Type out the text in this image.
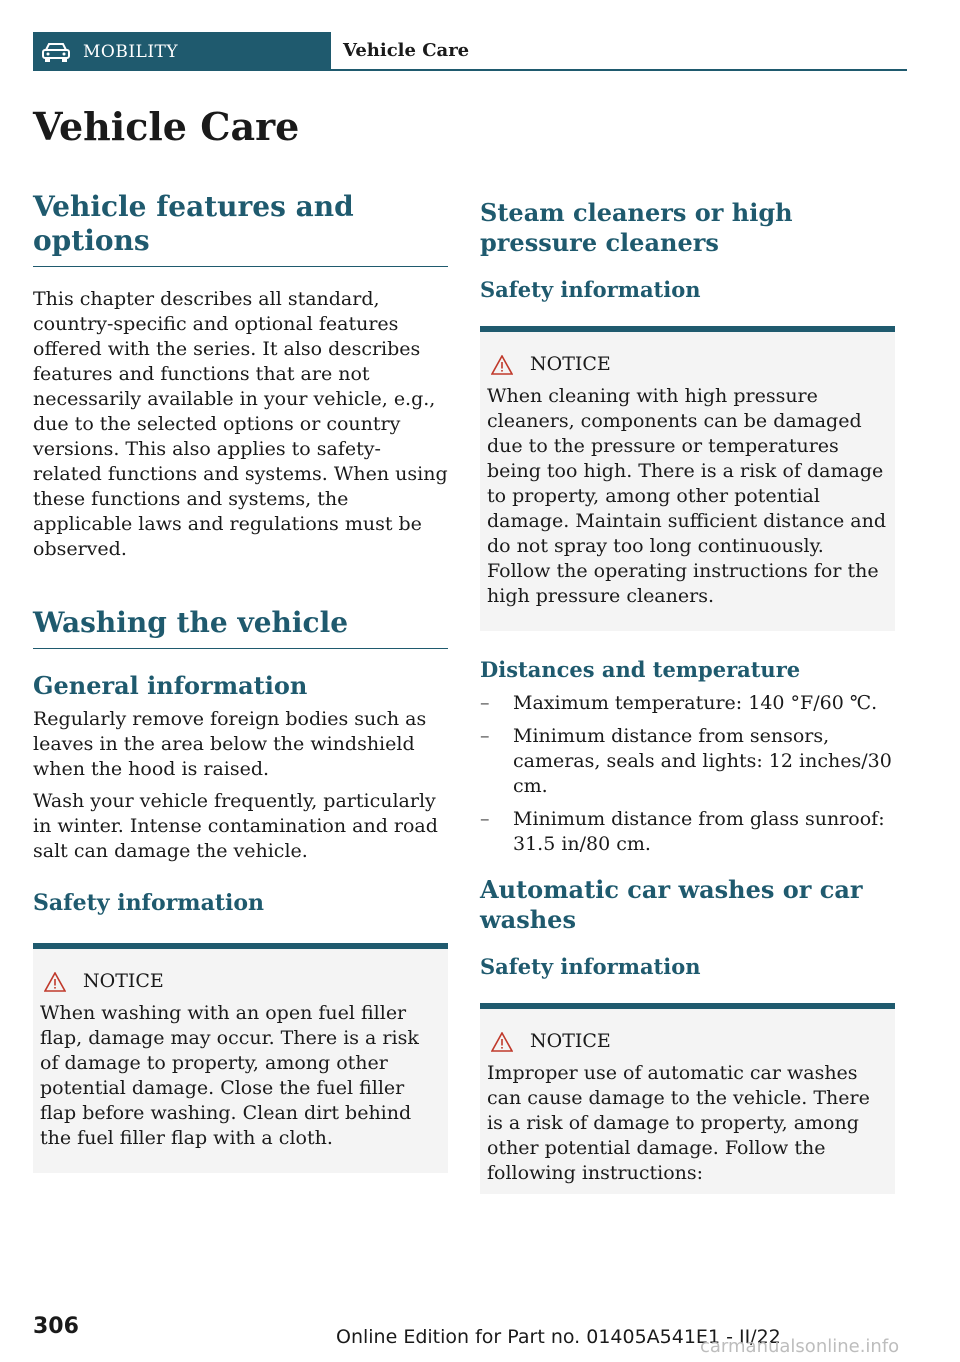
MOBILITY	Vehicle Care
Vehicle Care
Vehicle features and options

This chapter describes all standard, country-specific and optional features offered with the series. It also describes features and functions that are not necessarily available in your vehicle, e.g., due to the selected options or country versions. This also applies to safety-related functions and systems. When using these functions and systems, the applicable laws and regulations must be observed.

Washing the vehicle
General information

Regularly remove foreign bodies such as leaves in the area below the windshield when the hood is raised.

Wash your vehicle frequently, particularly in winter. Intense contamination and road salt can damage the vehicle.

Safety information
NOTICE

When washing with an open fuel filler flap, damage may occur. There is a risk of damage to property, among other potential damage. Close the fuel filler flap before washing. Clean dirt behind the fuel filler flap with a cloth.

Steam cleaners or high pressure cleaners
Safety information
NOTICE

When cleaning with high pressure cleaners, components can be damaged due to the pressure or temperatures being too high. There is a risk of damage to property, among other potential damage. Maintain sufficient distance and do not spray too long continuously. Follow the operating instructions for the high pressure cleaners.

Distances and temperature
– Maximum temperature: 140 °F/60 ℃.
– Minimum distance from sensors, cameras, seals and lights: 12 inches/30 cm.
– Minimum distance from glass sunroof: 31.5 in/80 cm.
Automatic car washes or car washes
Safety information
NOTICE

Improper use of automatic car washes can cause damage to the vehicle. There is a risk of damage to property, among other potential damage. Follow the following instructions:

306	Online Edition for Part no. 01405A541E1 - II/22
carmanualsonline.info
